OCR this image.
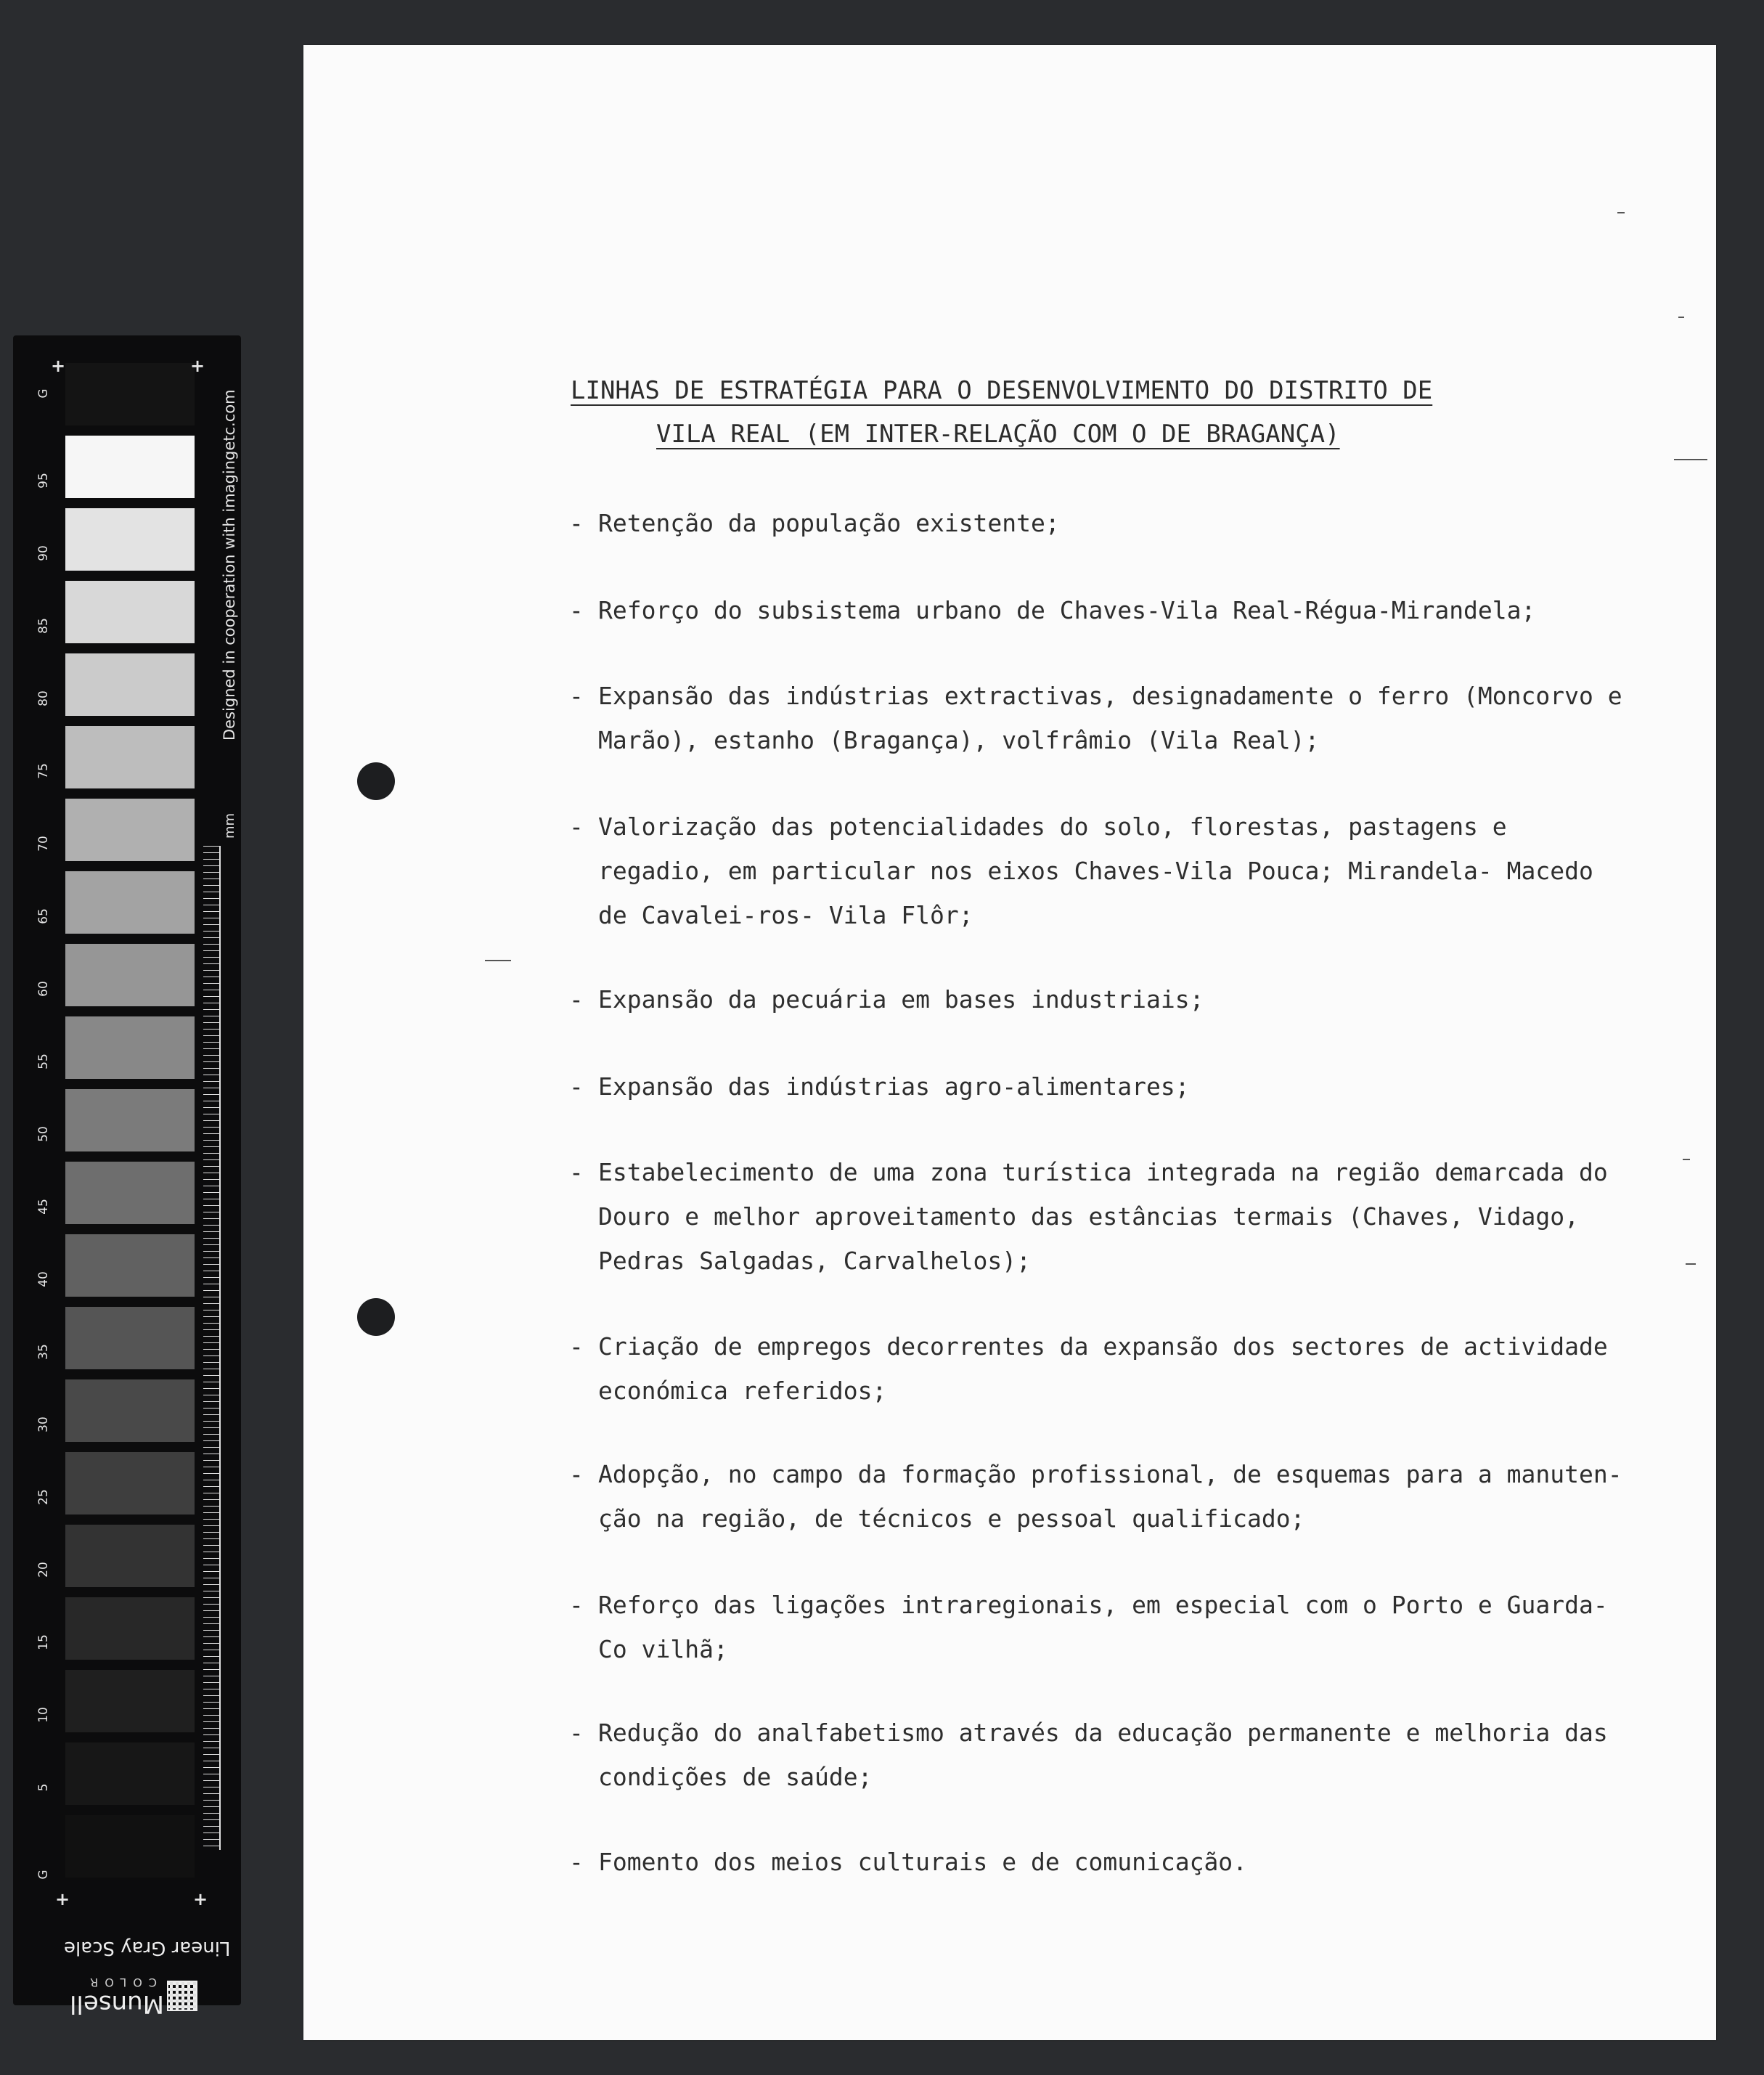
G
95
90
85
80
75
70
65
60
55
50
45
40
35
30
25
20
15
10
5
G
+	+
+	+
mm
Designed in cooperation with imagingetc.com
Linear Gray Scale
Munsell
COLOR
LINHAS DE ESTRATÉGIA PARA O DESENVOLVIMENTO DO DISTRITO DE
VILA REAL (EM INTER-RELAÇÃO COM O DE BRAGANÇA)
- Retenção da população existente;
- Reforço do subsistema urbano de Chaves-Vila Real-Régua-Mirandela;
- Expansão das indústrias extractivas, designadamente o ferro (Moncorvo e Marão), estanho (Bragança), volfrâmio (Vila Real);
- Valorização das potencialidades do solo, florestas, pastagens e regadio, em particular nos eixos Chaves-Vila Pouca; Mirandela- Macedo de Cavalei-ros- Vila Flôr;
- Expansão da pecuária em bases industriais;
- Expansão das indústrias agro-alimentares;
- Estabelecimento de uma zona turística integrada na região demarcada do Douro e melhor aproveitamento das estâncias termais (Chaves, Vidago, Pedras Salgadas, Carvalhelos);
- Criação de empregos decorrentes da expansão dos sectores de actividade económica referidos;
- Adopção, no campo da formação profissional, de esquemas para a manuten-ção na região, de técnicos e pessoal qualificado;
- Reforço das ligações intraregionais, em especial com o Porto e Guarda-Co vilhã;
- Redução do analfabetismo através da educação permanente e melhoria das condições de saúde;
- Fomento dos meios culturais e de comunicação.
